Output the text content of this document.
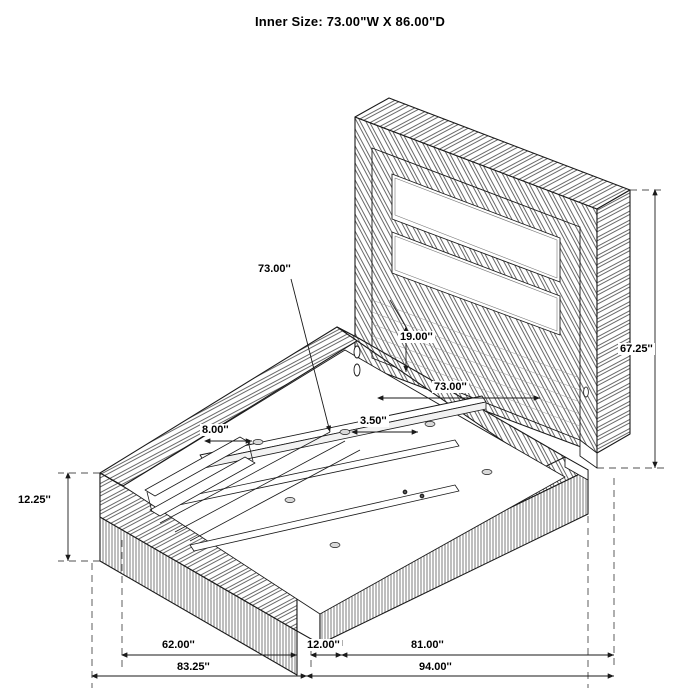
Inner Size: 73.00"W X 86.00"D
73.00''
19.00''
73.00''
3.50''
8.00''
67.25''
12.25''
62.00''	12.00''	81.00''
83.25''	94.00''
